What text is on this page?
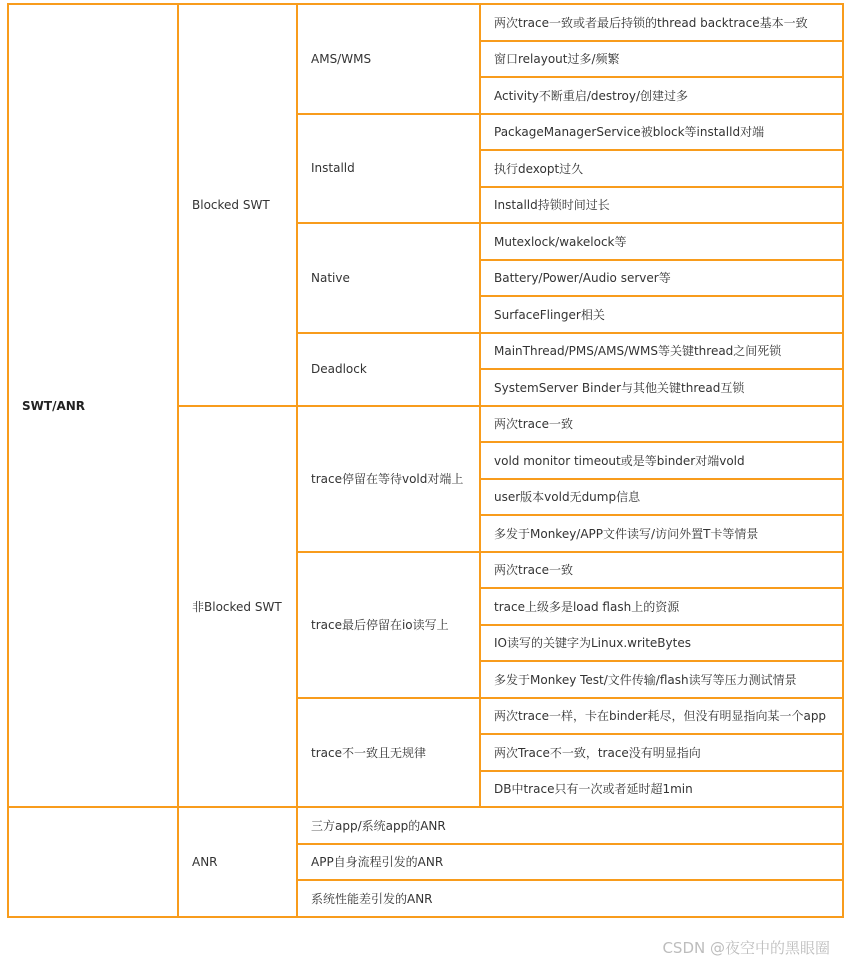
SWT/ANR	Blocked SWT	AMS/WMS	两次trace一致或者最后持锁的thread backtrace基本一致
			窗口relayout过多/频繁
			Activity不断重启/destroy/创建过多
		Installd	PackageManagerService被block等installd对端
			执行dexopt过久
			Installd持锁时间过长
		Native	Mutexlock/wakelock等
			Battery/Power/Audio server等
			SurfaceFlinger相关
		Deadlock	MainThread/PMS/AMS/WMS等关键thread之间死锁
			SystemServer Binder与其他关键thread互锁
	非Blocked SWT	trace停留在等待vold对端上	两次trace一致
			vold monitor timeout或是等binder对端vold
			user版本vold无dump信息
			多发于Monkey/APP文件读写/访问外置T卡等情景
		trace最后停留在io读写上	两次trace一致
			trace上级多是load flash上的资源
			IO读写的关键字为Linux.writeBytes
			多发于Monkey Test/文件传输/flash读写等压力测试情景
		trace不一致且无规律	两次trace一样，卡在binder耗尽，但没有明显指向某一个app
			两次Trace不一致，trace没有明显指向
			DB中trace只有一次或者延时超1min
	ANR	三方app/系统app的ANR	
		APP自身流程引发的ANR	
		系统性能差引发的ANR	
CSDN @夜空中的黑眼圈
